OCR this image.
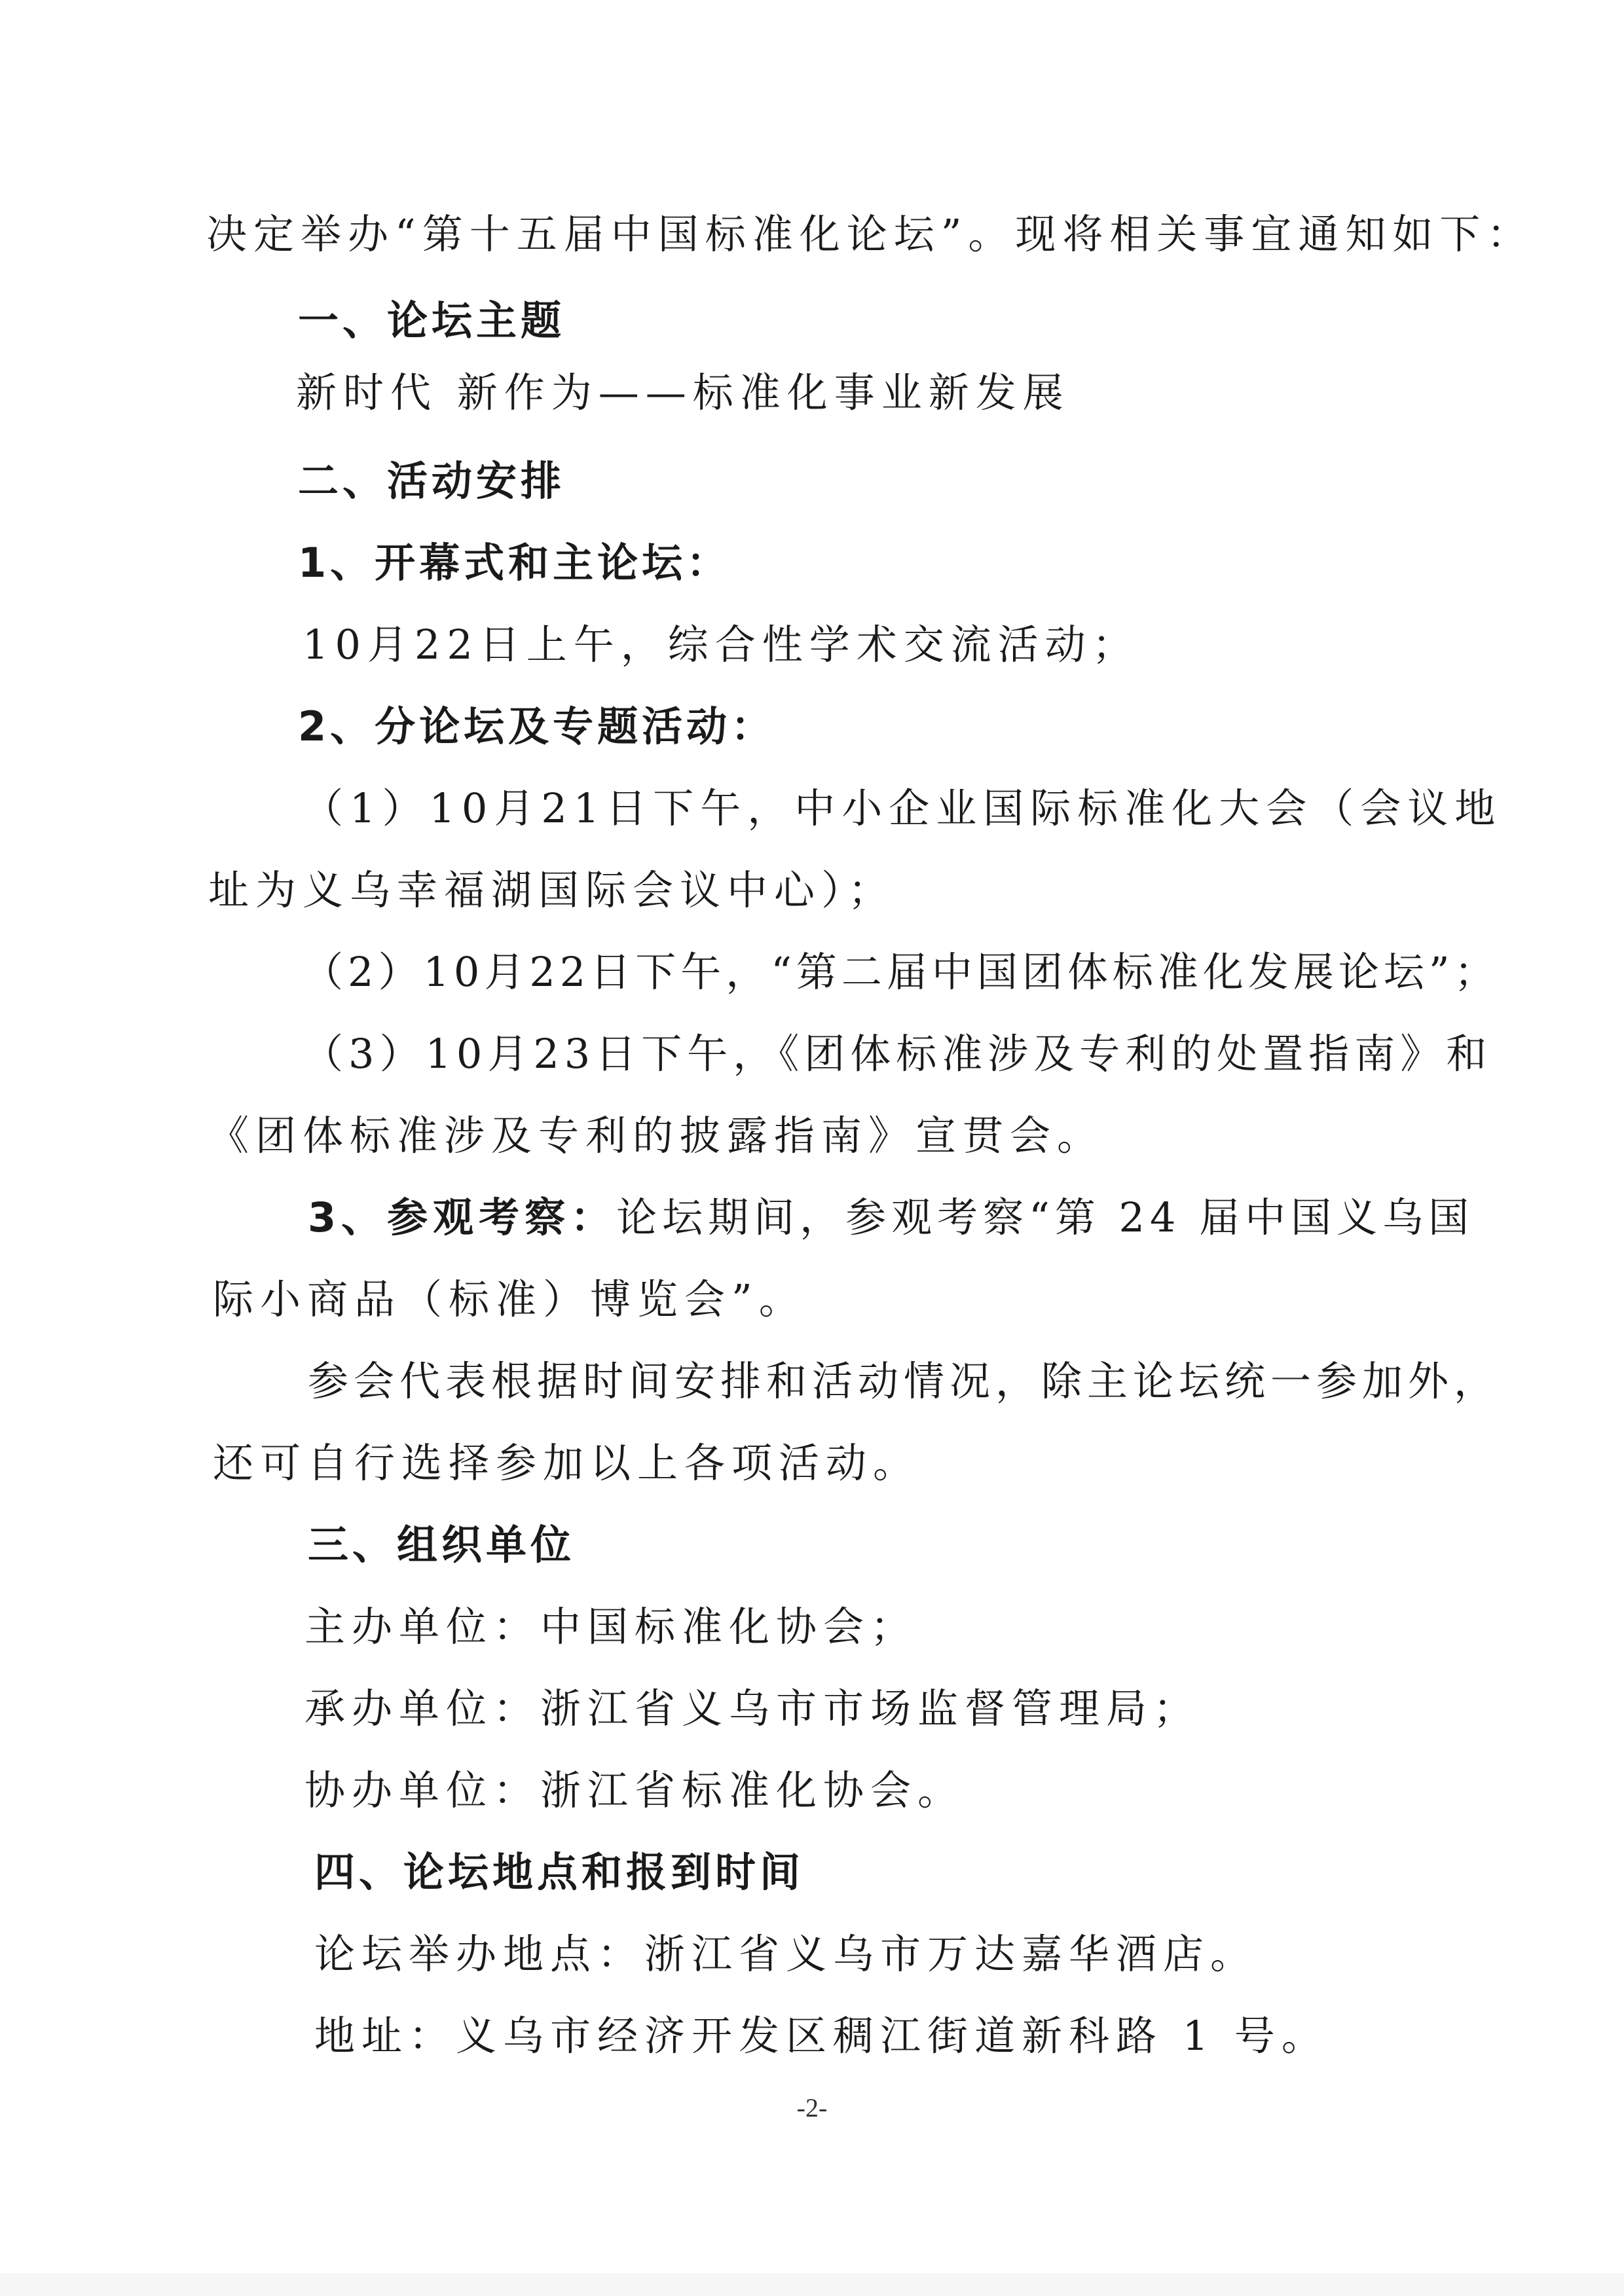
决定举办“第十五届中国标准化论坛”。现将相关事宜通知如下：
一、论坛主题
新时代 新作为——标准化事业新发展
二、活动安排
1、开幕式和主论坛：
10月22日上午，综合性学术交流活动；
2、分论坛及专题活动：
（1）10月21日下午，中小企业国际标准化大会（会议地
址为义乌幸福湖国际会议中心）；
（2）10月22日下午，“第二届中国团体标准化发展论坛”；
（3）10月23日下午，《团体标准涉及专利的处置指南》和
《团体标准涉及专利的披露指南》宣贯会。
3、参观考察：论坛期间，参观考察“第 24 届中国义乌国
际小商品（标准）博览会”。
参会代表根据时间安排和活动情况，除主论坛统一参加外，
还可自行选择参加以上各项活动。
三、组织单位
主办单位：中国标准化协会；
承办单位：浙江省义乌市市场监督管理局；
协办单位：浙江省标准化协会。
四、论坛地点和报到时间
论坛举办地点：浙江省义乌市万达嘉华酒店。
地址：义乌市经济开发区稠江街道新科路 1 号。
-2-
